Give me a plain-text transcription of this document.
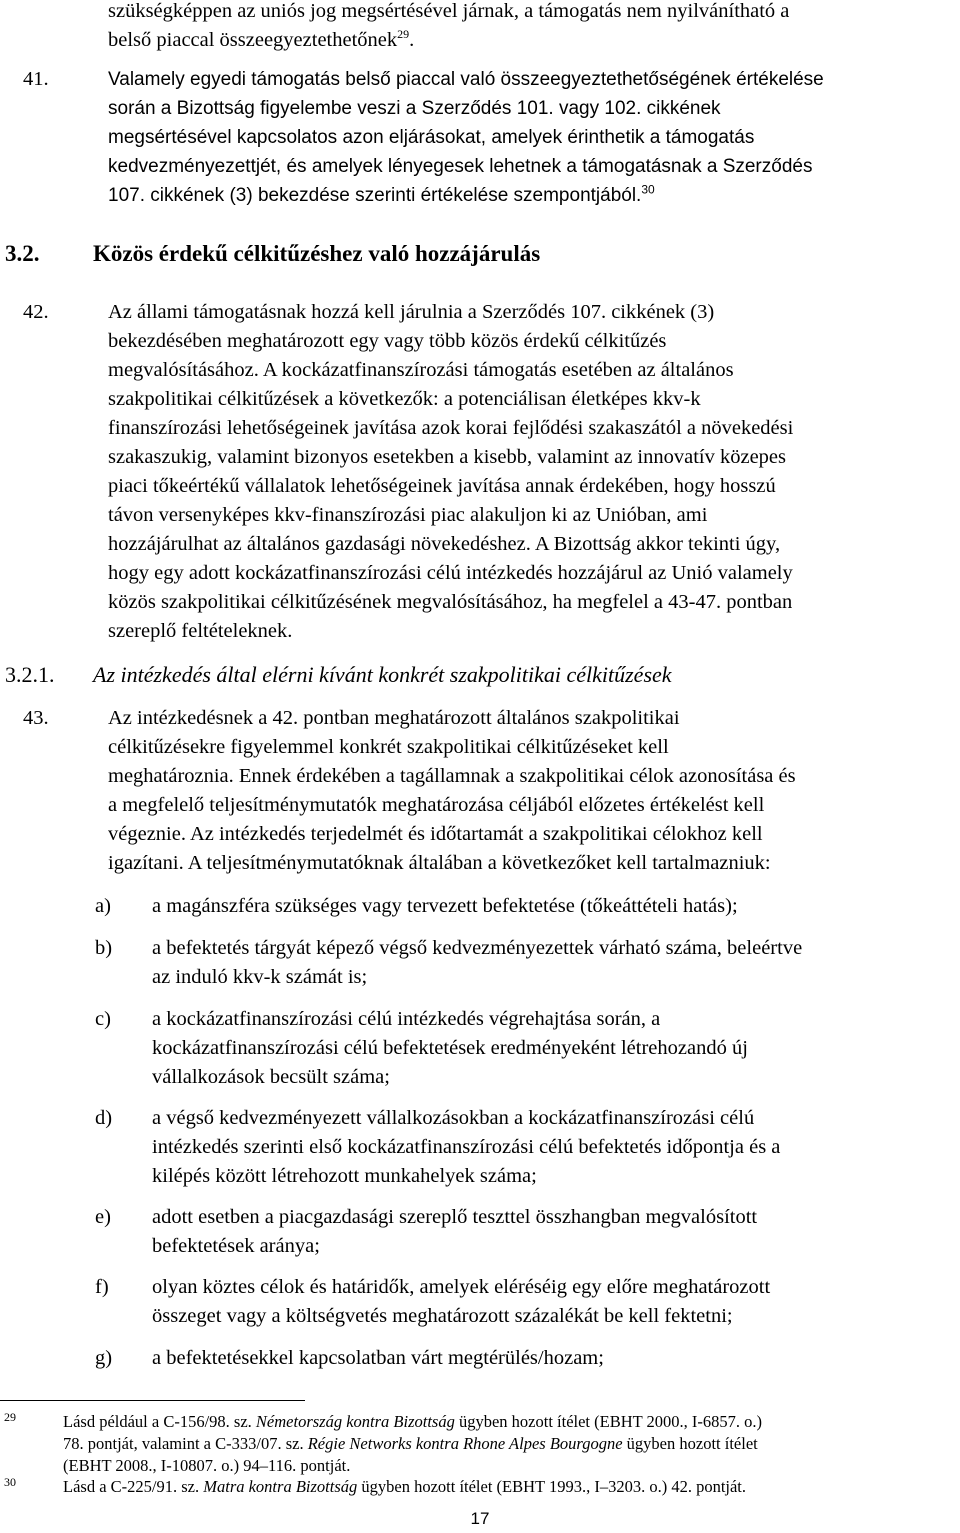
szükségképpen az uniós jog megsértésével járnak, a támogatás nem nyilvánítható a
belső piaccal összeegyeztethetőnek$^{29}$.
41.	Valamely egyedi támogatás belső piaccal való összeegyeztethetőségének értékelése
során a Bizottság figyelembe veszi a Szerződés 101. vagy 102. cikkének
megsértésével kapcsolatos azon eljárásokat, amelyek érinthetik a támogatás
kedvezményezettjét, és amelyek lényegesek lehetnek a támogatásnak a Szerződés
107. cikkének (3) bekezdése szerinti értékelése szempontjából.$^{30}$
3.2. Közös érdekű célkitűzéshez való hozzájárulás
42.	Az állami támogatásnak hozzá kell járulnia a Szerződés 107. cikkének (3)
bekezdésében meghatározott egy vagy több közös érdekű célkitűzés
megvalósításához. A kockázatfinanszírozási támogatás esetében az általános
szakpolitikai célkitűzések a következők: a potenciálisan életképes kkv-k
finanszírozási lehetőségeinek javítása azok korai fejlődési szakaszától a növekedési
szakaszukig, valamint bizonyos esetekben a kisebb, valamint az innovatív közepes
piaci tőkeértékű vállalatok lehetőségeinek javítása annak érdekében, hogy hosszú
távon versenyképes kkv-finanszírozási piac alakuljon ki az Unióban, ami
hozzájárulhat az általános gazdasági növekedéshez. A Bizottság akkor tekinti úgy,
hogy egy adott kockázatfinanszírozási célú intézkedés hozzájárul az Unió valamely
közös szakpolitikai célkitűzésének megvalósításához, ha megfelel a 43-47. pontban
szereplő feltételeknek.
3.2.1. Az intézkedés által elérni kívánt konkrét szakpolitikai célkitűzések
43.	Az intézkedésnek a 42. pontban meghatározott általános szakpolitikai
célkitűzésekre figyelemmel konkrét szakpolitikai célkitűzéseket kell
meghatároznia. Ennek érdekében a tagállamnak a szakpolitikai célok azonosítása és
a megfelelő teljesítménymutatók meghatározása céljából előzetes értékelést kell
végeznie. Az intézkedés terjedelmét és időtartamát a szakpolitikai célokhoz kell
igazítani. A teljesítménymutatóknak általában a következőket kell tartalmazniuk:
a) a magánszféra szükséges vagy tervezett befektetése (tőkeáttételi hatás);
b) a befektetés tárgyát képező végső kedvezményezettek várható száma, beleértve
az induló kkv-k számát is;
c) a kockázatfinanszírozási célú intézkedés végrehajtása során, a
kockázatfinanszírozási célú befektetések eredményeként létrehozandó új
vállalkozások becsült száma;
d) a végső kedvezményezett vállalkozásokban a kockázatfinanszírozási célú
intézkedés szerinti első kockázatfinanszírozási célú befektetés időpontja és a
kilépés között létrehozott munkahelyek száma;
e) adott esetben a piacgazdasági szereplő teszttel összhangban megvalósított
befektetések aránya;
f) olyan köztes célok és határidők, amelyek eléréséig egy előre meghatározott
összeget vagy a költségvetés meghatározott százalékát be kell fektetni;
g) a befektetésekkel kapcsolatban várt megtérülés/hozam;
29	Lásd például a C-156/98. sz. Németország kontra Bizottság ügyben hozott ítélet (EBHT 2000., I-6857. o.)
78. pontját, valamint a C-333/07. sz. Régie Networks kontra Rhone Alpes Bourgogne ügyben hozott ítélet
(EBHT 2008., I-10807. o.) 94–116. pontját.
30	Lásd a C-225/91. sz. Matra kontra Bizottság ügyben hozott ítélet (EBHT 1993., I–3203. o.) 42. pontját.
17
